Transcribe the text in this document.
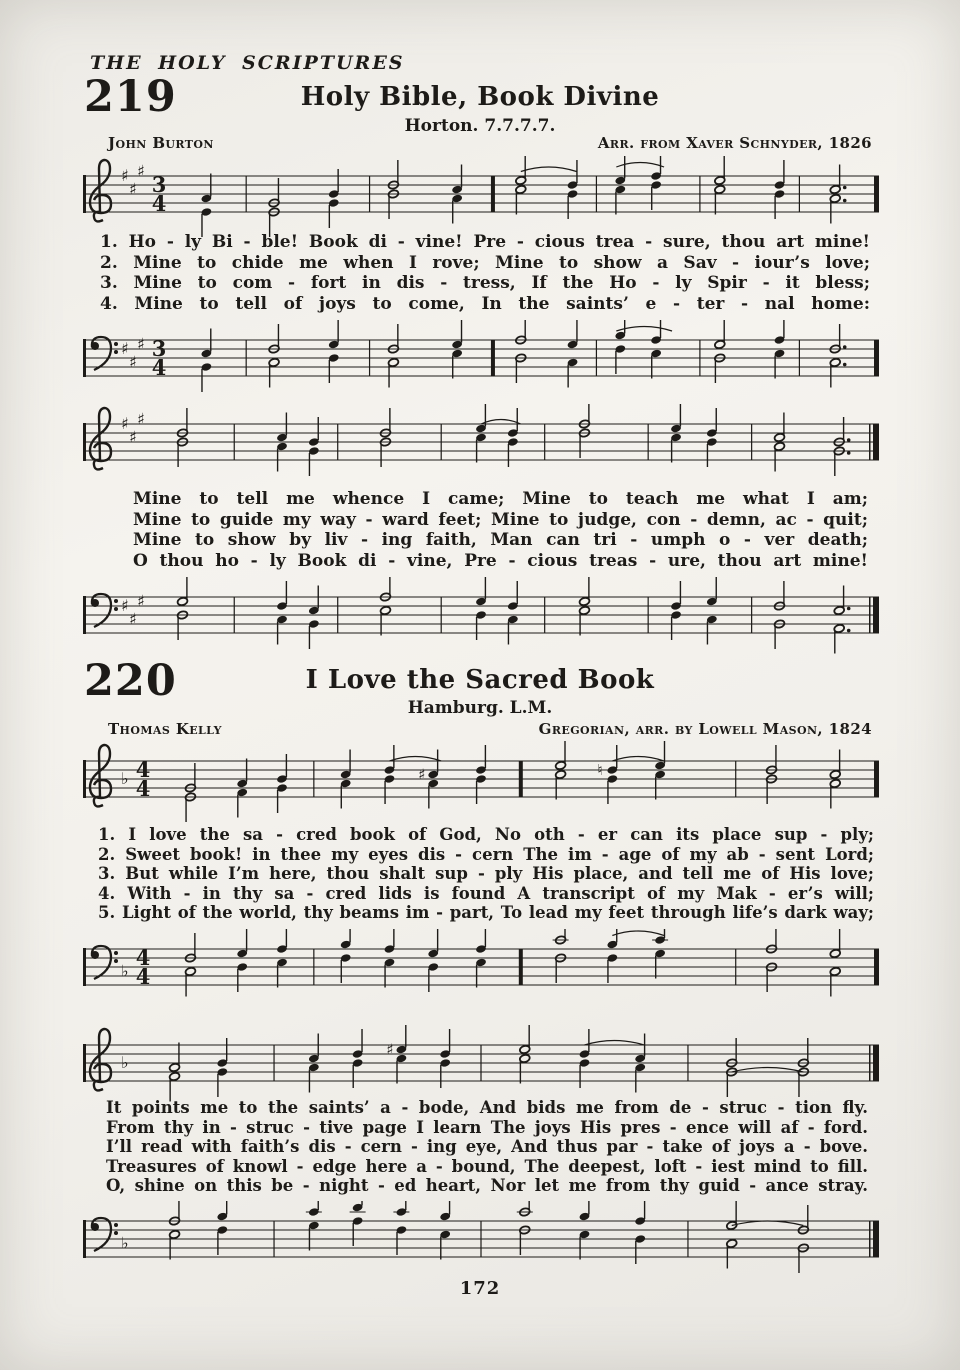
THE HOLY SCRIPTURES
219	Holy Bible, Book Divine
Horton. 7.7.7.7.
John Burton	Arr. from Xaver Schnyder, 1826
♯
♯
♯
3
4
1. Ho - ly Bi - ble! Book di - vine! Pre - cious trea - sure, thou art mine!
2. Mine to chide me when I rove; Mine to show a Sav - iour’s love;
3. Mine to com - fort in dis - tress, If the Ho - ly Spir - it bless;
4. Mine to tell of joys to come, In the saints’ e - ter - nal home:
♯
♯
♯ 3
4
♯
♯
♯
Mine to tell me whence I came; Mine to teach me what I am;
Mine to guide my way - ward feet; Mine to judge, con - demn, ac - quit;
Mine to show by liv - ing faith, Man can tri - umph o - ver death;
O thou ho - ly Book di - vine, Pre - cious treas - ure, thou art mine!
♯
♯
♯
220	I Love the Sacred Book
Hamburg. L.M.
Thomas Kelly	Gregorian, arr. by Lowell Mason, 1824
♭ 4
4
♯	♮
1. I love the sa - cred book of God, No oth - er can its place sup - ply;
2. Sweet book! in thee my eyes dis - cern The im - age of my ab - sent Lord;
3. But while I’m here, thou shalt sup - ply His place, and tell me of His love;
4. With - in thy sa - cred lids is found A transcript of my Mak - er’s will;
5. Light of the world, thy beams im - part, To lead my feet through life’s dark way;
♭
4
4
♭
♯
It points me to the saints’ a - bode, And bids me from de - struc - tion fly.
From thy in - struc - tive page I learn The joys His pres - ence will af - ford.
I’ll read with faith’s dis - cern - ing eye, And thus par - take of joys a - bove.
Treasures of knowl - edge here a - bound, The deepest, loft - iest mind to fill.
O, shine on this be - night - ed heart, Nor let me from thy guid - ance stray.
♭
172
